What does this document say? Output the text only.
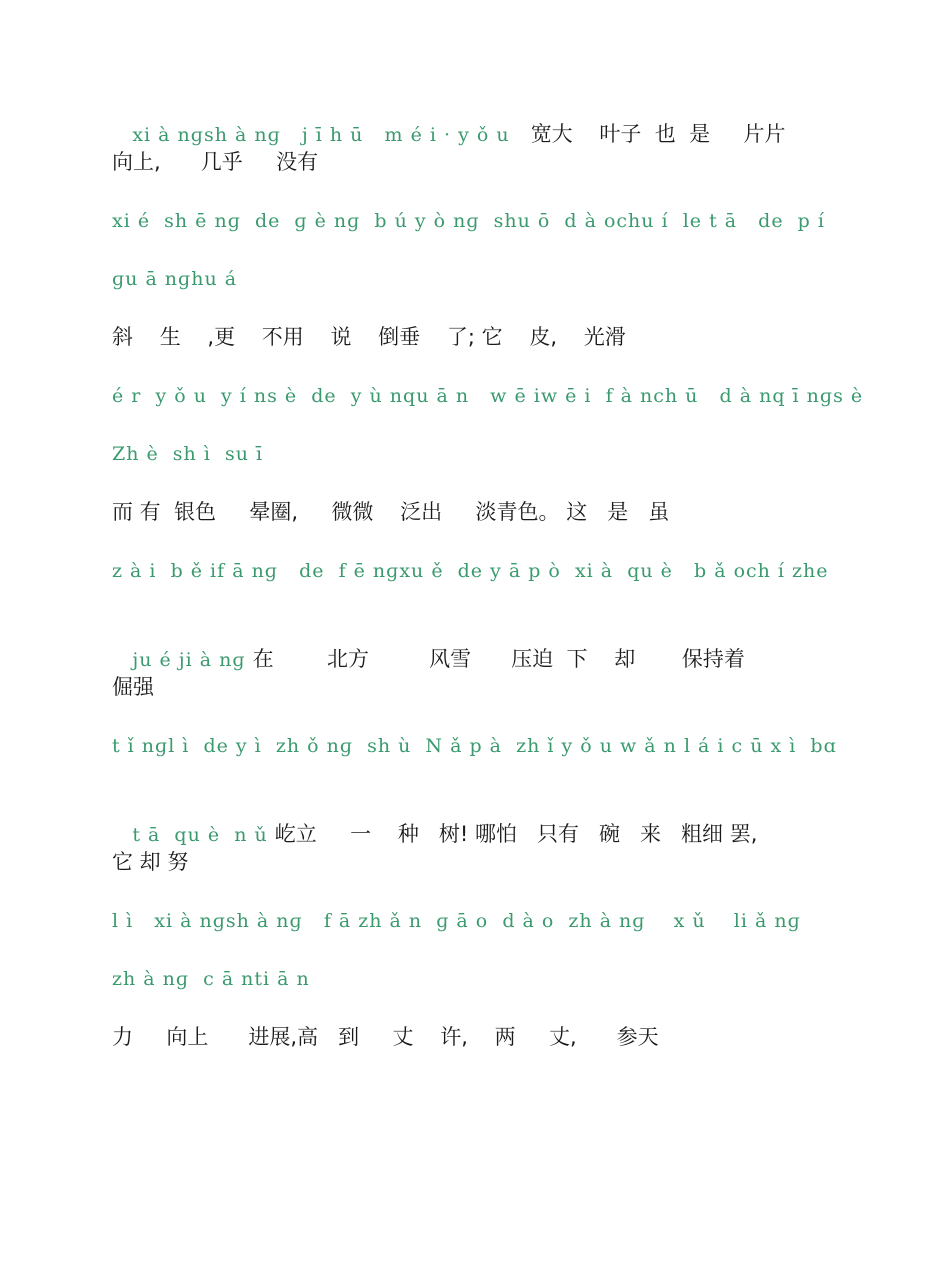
xi à nɡsh à nɡ   j ī h ū   m é i · y ǒ u   宽大    叶子  也  是     片片

向上,      几乎     没有
xi é  sh ē nɡ  de  ɡ è nɡ  b ú y ò nɡ  shu ō  d à ochu í  le t ā   de  p í
ɡu ā nɡhu á
斜    生    ,更    不用    说    倒垂    了; 它    皮,    光滑
é r  y ǒ u  y í ns è  de  y ù nqu ā n   w ē iw ē i  f à nch ū   d à nq ī nɡs è
Zh è  sh ì  su ī
而 有  银色     晕圈,     微微    泛出     淡青色。 这   是   虽
z à i  b ě if ā nɡ   de  f ē nɡxu ě  de y ā p ò  xi à  qu è   b ǎ och í zhe

ju é ji à nɡ 在        北方         风雪      压迫  下    却       保持着

倔强
t ǐ nɡl ì  de y ì  zh ǒ nɡ  sh ù  N ǎ p à  zh ǐ y ǒ u w ǎ n l á i c ū x ì  bɑ

t ā  qu è  n ǔ 屹立     一    种   树! 哪怕   只有   碗   来   粗细 罢,

它 却 努
l ì   xi à nɡsh à nɡ   f ā zh ǎ n  ɡ ā o  d à o  zh à nɡ    x ǔ    li ǎ nɡ
zh à nɡ  c ā nti ā n
力     向上      进展,高   到     丈    许,    两     丈,      参天
